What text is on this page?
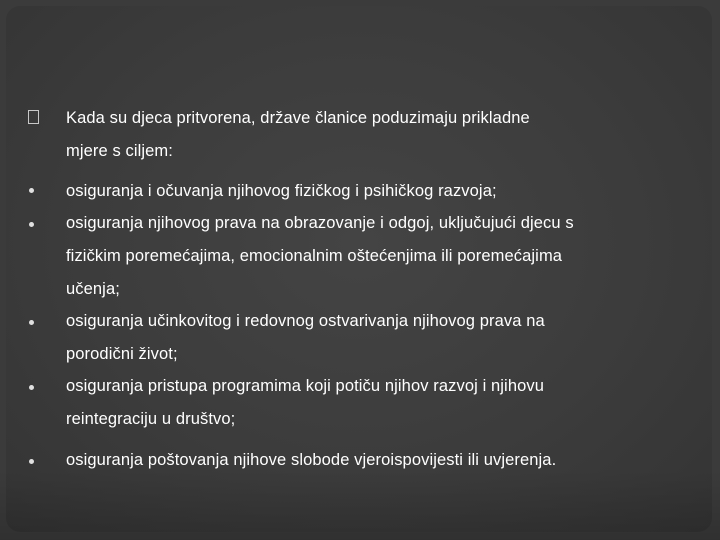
Kada su djeca pritvorena, države članice poduzimaju prikladne
mjere s ciljem:
osiguranja i očuvanja njihovog fizičkog i psihičkog razvoja;
osiguranja njihovog prava na obrazovanje i odgoj, uključujući djecu s
fizičkim poremećajima, emocionalnim oštećenjima ili poremećajima
učenja;
osiguranja učinkovitog i redovnog ostvarivanja njihovog prava na
porodični život;
osiguranja pristupa programima koji potiču njihov razvoj i njihovu
reintegraciju u društvo;
osiguranja poštovanja njihove slobode vjeroispovijesti ili uvjerenja.
